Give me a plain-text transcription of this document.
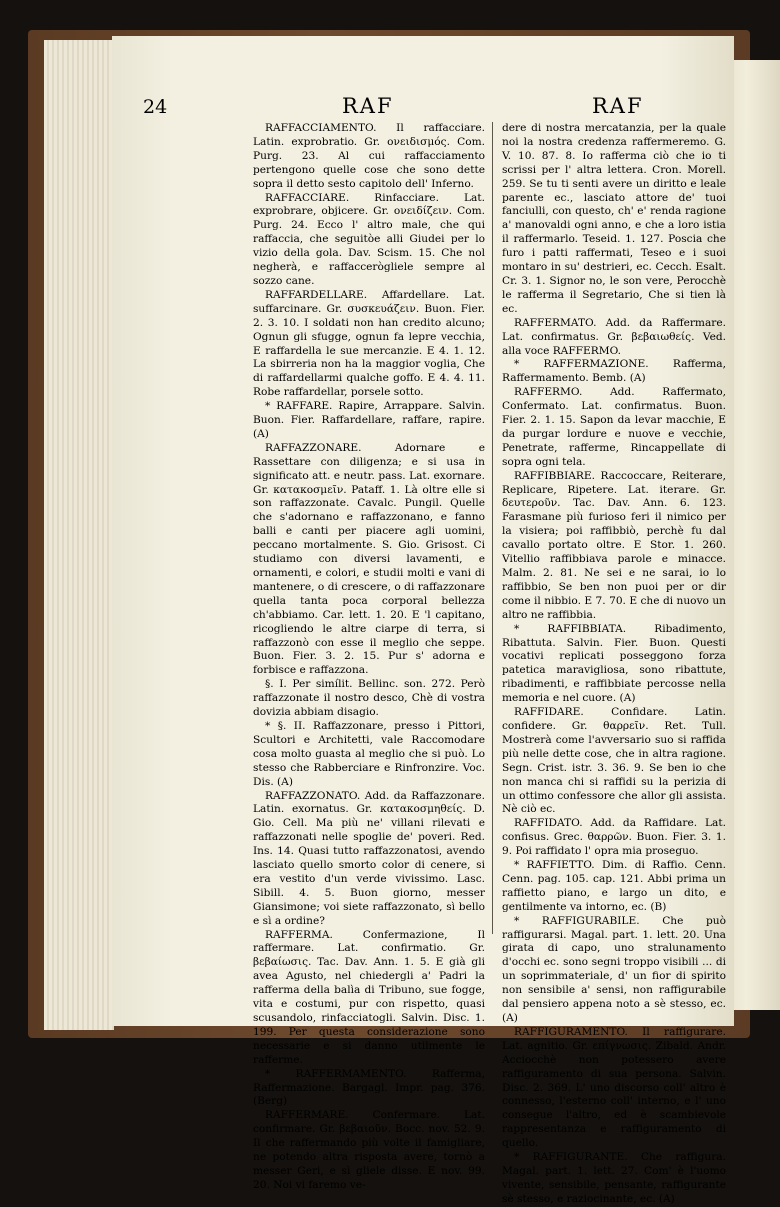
24	RAF	RAF

RAFFACCIAMENTO. Il raffacciare. Latin. exprobratio. Gr. ονειδισμός. Com. Purg. 23. Al cui raffacciamento pertengono quelle cose che sono dette sopra il detto sesto capitolo dell' Inferno.

RAFFACCIARE. Rinfacciare. Lat. exprobrare, objicere. Gr. ονειδίζειν. Com. Purg. 24. Ecco l' altro male, che qui raffaccia, che seguitòe alli Giudei per lo vizio della gola. Dav. Scism. 15. Che nol negherà, e raffacceròglielе sempre al sozzo cane.

RAFFARDELLARE. Affardellare. Lat. suffarcinare. Gr. συσκευάζειν. Buon. Fier. 2. 3. 10. I soldati non han credito alcuno; Ognun gli sfugge, ognun fa lepre vecchia, E raffardella le sue mercanzie. E 4. 1. 12. La sbirreria non ha la maggior voglia, Che di raffardellarmi qualche goffo. E 4. 4. 11. Robe raffardellar, porselе sotto.

* RAFFARE. Rapire, Arrappare. Salvin. Buon. Fier. Raffardellare, raffare, rapire. (A)

RAFFAZZONARE. Adornare e Rassettare con diligenza; e si usa in significato att. e neutr. pass. Lat. exornare. Gr. κατακοσμεῖν. Pataff. 1. Là oltre elle si son raffazzonate. Cavalc. Pungil. Quelle che s'adornano e raffazzonano, e fanno balli e canti per piacere agli uomini, peccano mortalmente. S. Gio. Grisost. Ci studiamo con diversi lavamenti, e ornamenti, e colori, e studii molti e vani di mantenere, o di crescere, o di raffazzonare quella tanta poca corporal bellezza ch'abbiamo. Car. lett. 1. 20. E 'l capitano, ricogliendo le altre ciarpe di terra, si raffazzonò con esse il meglio che seppe. Buon. Fier. 3. 2. 15. Pur s' adorna e forbisce e raffazzona.

§. I. Per simílit. Bellinc. son. 272. Però raffazzonate il nostro desco, Chè di vostra dovizia abbiam disagio.

* §. II. Raffazzonare, presso i Pittori, Scultori e Architetti, vale Raccomodare cosa molto guasta al meglio che si può. Lo stesso che Rabberciare e Rinfronzire. Voc. Dis. (A)

RAFFAZZONATO. Add. da Raffazzonare. Latin. exornatus. Gr. κατακοσμηθείς. D. Gio. Cell. Ma più ne' villani rilevati e raffazzonati nelle spoglie de' poveri. Red. Ins. 14. Quasi tutto raffazzonatosi, avendo lasciato quello smorto color di cenere, si era vestito d'un verde vivissimo. Lasc. Sibill. 4. 5. Buon giorno, messer Giansimone; voi siete raffazzonato, sì bello e sì a ordine?

RAFFERMA. Confermazione, Il raffermare. Lat. confirmatio. Gr. βεβαίωσις. Tac. Dav. Ann. 1. 5. E già gli avea Agusto, nel chiedergli a' Padri la rafferma della balìa di Tribuno, sue fogge, vita e costumi, pur con rispetto, quasi scusandolo, rinfacciatogli. Salvin. Disc. 1. 199. Per questa considerazione sono necessarie e si danno utilmente le rafferme.

* RAFFERMAMENTO. Rafferma, Raffermazione. Bargagl. Impr. pag. 376. (Berg)

RAFFERMARE. Confermare. Lat. confirmare. Gr. βεβαιοῦν. Bocc. nov. 52. 9. Il che raffermando più volte il famigliare, ne potendo altra risposta avere, tornò a messer Geri, e sì gliele disse. E nov. 99. 20. Noi vi faremo ve-

dere di nostra mercatanzia, per la quale noi la nostra credenza raffermeremo. G. V. 10. 87. 8. Io rafferma ciò che io ti scrissi per l' altra lettera. Cron. Morell. 259. Se tu ti senti avere un diritto e leale parente ec., lasciato attore de' tuoi fanciulli, con questo, ch' e' renda ragione a' manovaldi ogni anno, e che a loro istia il raffermarlo. Teseid. 1. 127. Poscia che furo i patti raffermati, Teseo e i suoi montaro in su' destrieri, ec. Cecch. Esalt. Cr. 3. 1. Signor no, le son vere, Perocchè le rafferma il Segretario, Che si tien là ec.

RAFFERMATO. Add. da Raffermare. Lat. confirmatus. Gr. βεβαιωθείς. Ved. alla voce RAFFERMO.

* RAFFERMAZIONE. Rafferma, Raffermamento. Bemb. (A)

RAFFERMO. Add. Raffermato, Confermato. Lat. confirmatus. Buon. Fier. 2. 1. 15. Sapon da levar macchie, E da purgar lordure e nuove e vecchie, Penetrate, rafferme, Rincappellate di sopra ogni tela.

RAFFIBBIARE. Raccoccare, Reiterare, Replicare, Ripetere. Lat. iterare. Gr. δευτεροῦν. Tac. Dav. Ann. 6. 123. Farasmane più furioso feri il nimico per la visiera; poi raffibbiò, perchè fu dal cavallo portato oltre. E Stor. 1. 260. Vitellio raffibbiava parole e minacce. Malm. 2. 81. Ne sei e ne sarai, io lo raffibbio, Se ben non puoi per or dir come il nibbio. E 7. 70. E che di nuovo un altro ne raffibbia.

* RAFFIBBIATA. Ribadimento, Ribattuta. Salvin. Fier. Buon. Questi vocativi replicati posseggono forza patetica maravigliosa, sono ribattute, ribadimenti, e raffibbiate percosse nella memoria e nel cuore. (A)

RAFFIDARE. Confidare. Latin. confidere. Gr. θαρρεῖν. Ret. Tull. Mostrerà come l'avversario suo si raffida più nelle dette cose, che in altra ragione. Segn. Crist. istr. 3. 36. 9. Se ben io che non manca chi si raffidi su la perizia di un ottimo confessore che allor gli assista. Nè ciò ec.

RAFFIDATO. Add. da Raffidare. Lat. confisus. Grec. θαρρῶν. Buon. Fier. 3. 1. 9. Poi raffidato l' opra mia proseguo.

* RAFFIETTO. Dim. di Raffio. Cenn. Cenn. pag. 105. cap. 121. Abbi prima un raffietto piano, e largo un dito, e gentilmente va intorno, ec. (B)

* RAFFIGURABILE. Che può raffigurarsi. Magal. part. 1. lett. 20. Una girata di capo, uno stralunamento d'occhi ec. sono segni troppo visibili ... di un soprimmateriale, d' un fior di spirito non sensibile a' sensi, non raffigurabile dal pensiero appena noto a sè stesso, ec. (A)

RAFFIGURAMENTO. Il raffigurare. Lat. agnitio. Gr. επίγνωσις. Zibald. Andr. Acciocchè non potessero avere raffiguramento di sua persona. Salvin. Disc. 2. 369. L' uno discorso coll' altro è connesso, l'esterno coll' interno, e l' uno consegue l'altro, ed è scambievole rappresentanza e raffiguramento di quello.

* RAFFIGURANTE. Che raffigura. Magal. part. 1. lett. 27. Com' è l'uomo vivente, sensibile, pensante, raffigurante sè stesso, e raziocinante, ec. (A)
